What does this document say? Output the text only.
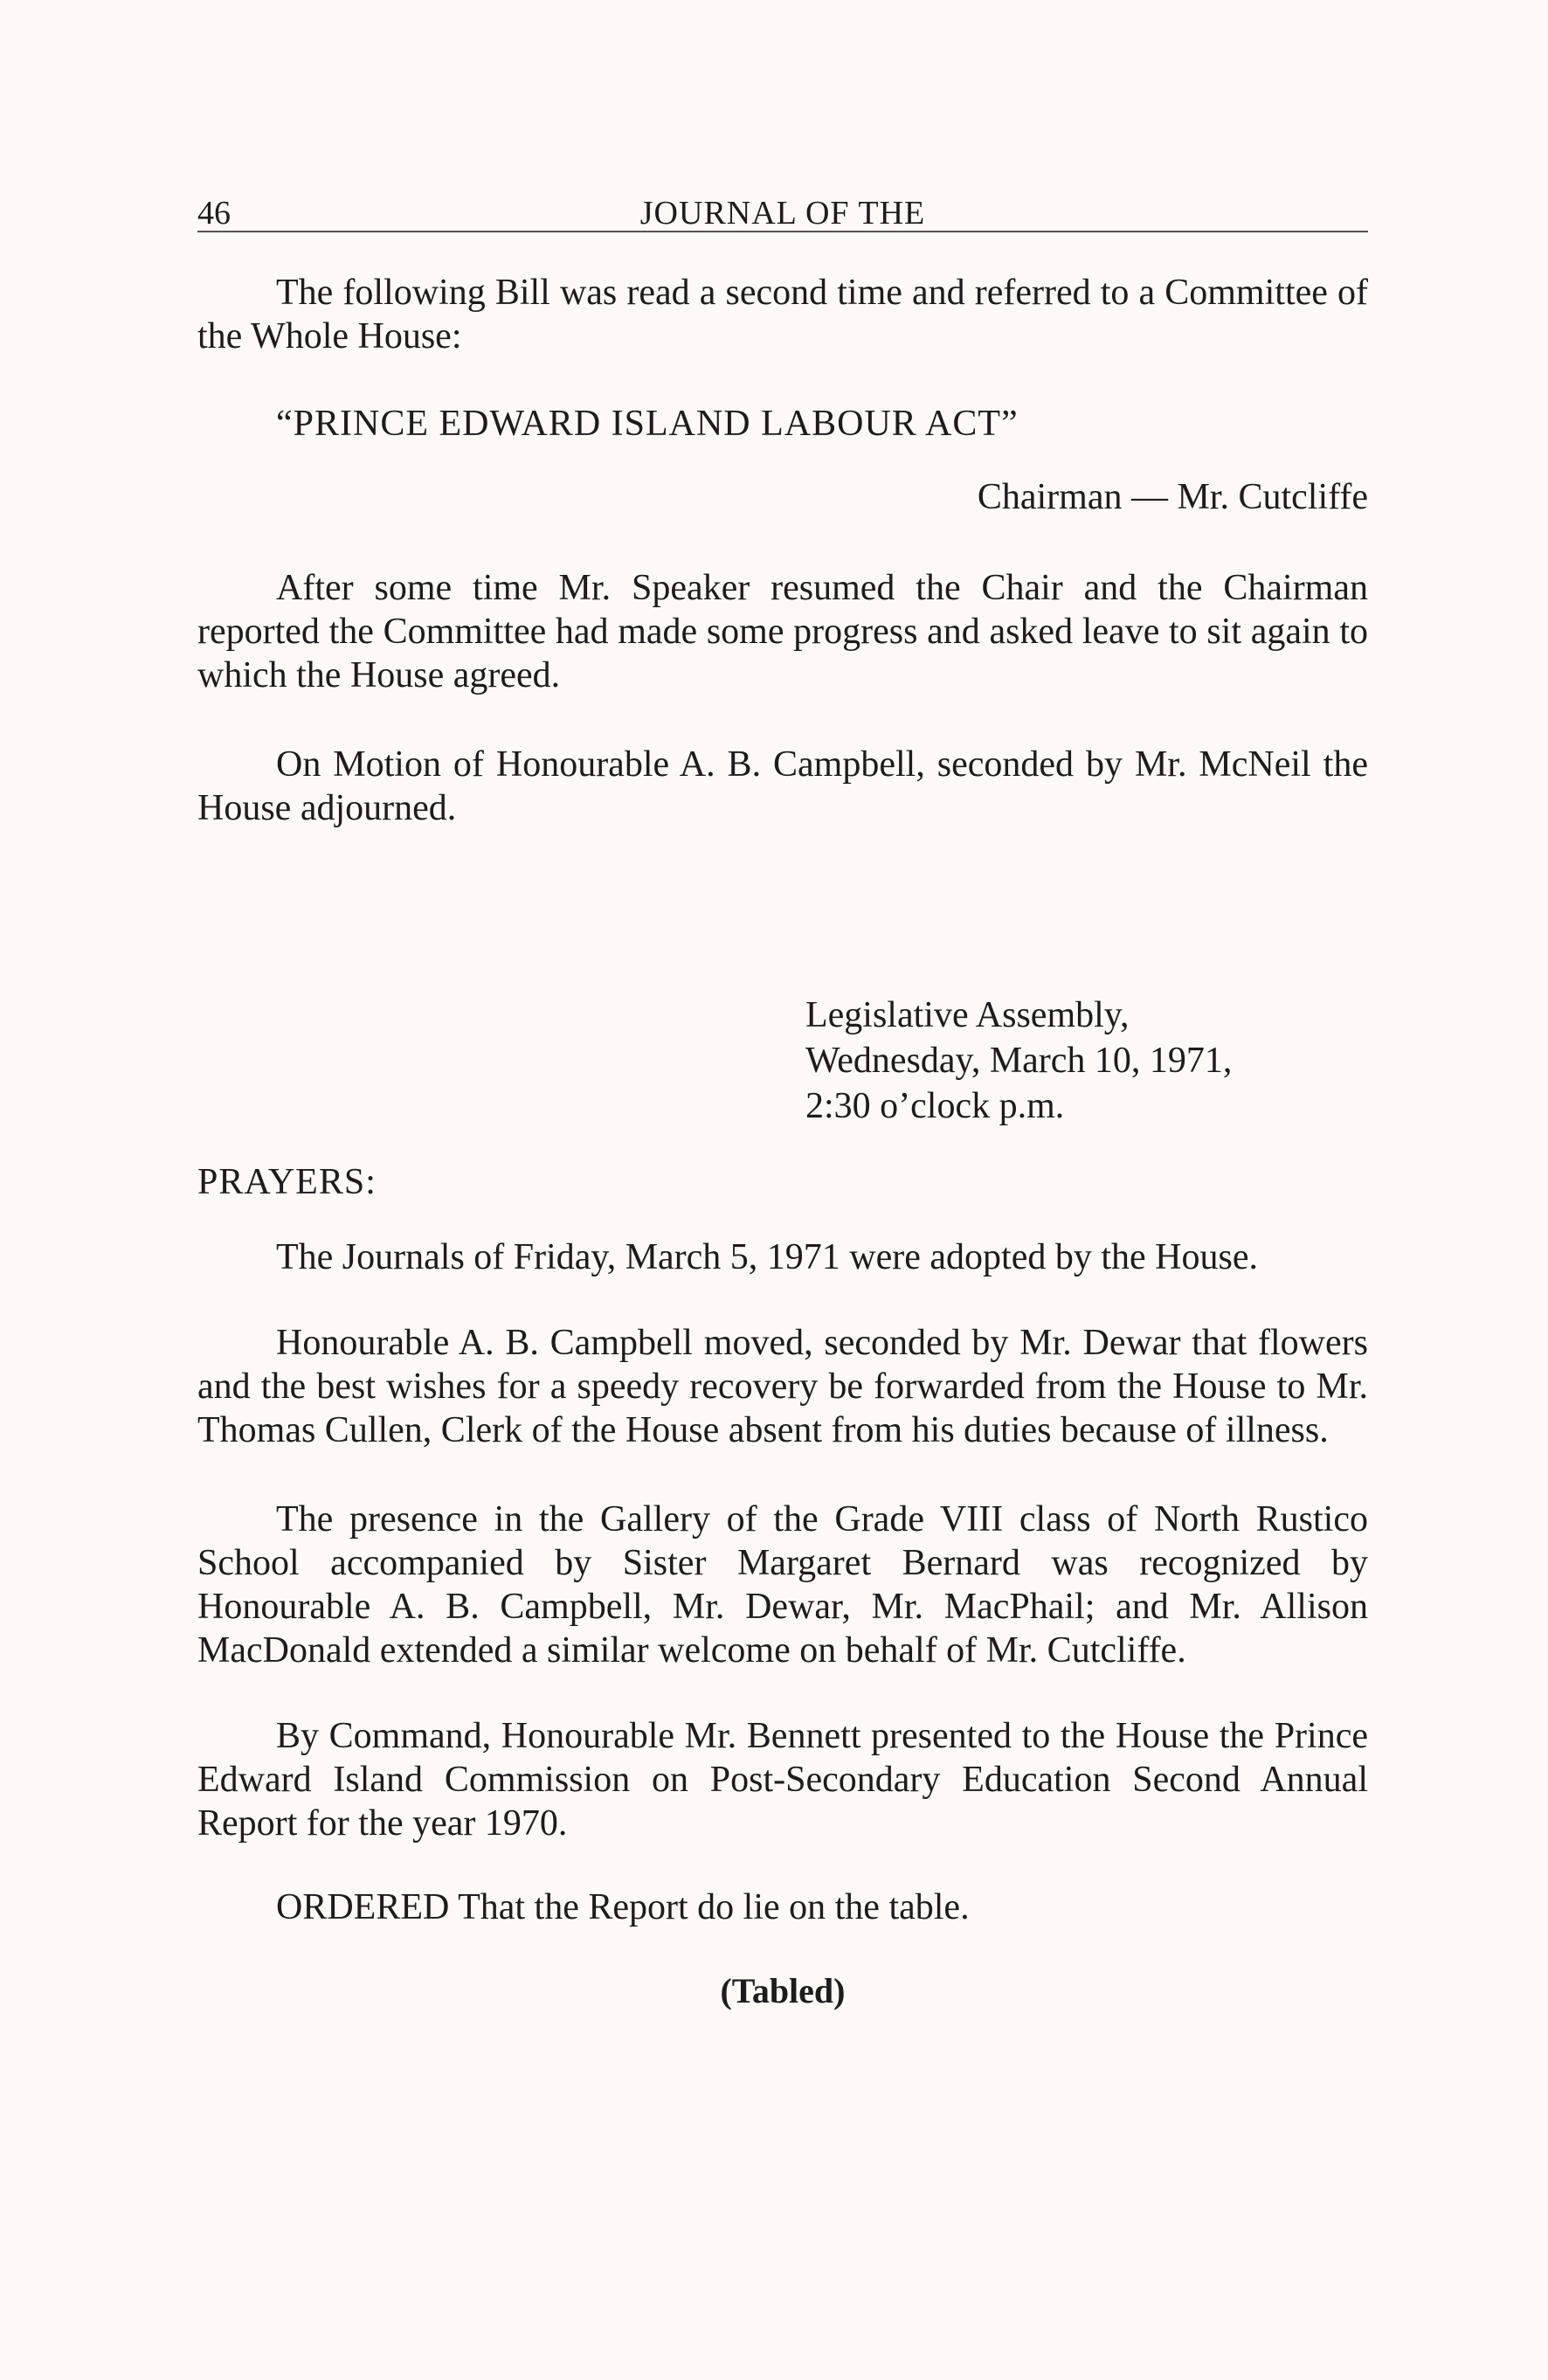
46	JOURNAL OF THE

The following Bill was read a second time and referred to a Committee of the Whole House:

“PRINCE EDWARD ISLAND LABOUR ACT”
Chairman — Mr. Cutcliffe

After some time Mr. Speaker resumed the Chair and the Chairman reported the Committee had made some progress and asked leave to sit again to which the House agreed.

On Motion of Honourable A. B. Campbell, seconded by Mr. McNeil the House adjourned.

Legislative Assembly,
Wednesday, March 10, 1971,
2:30 o’clock p.m.
PRAYERS:

The Journals of Friday, March 5, 1971 were adopted by the House.

Honourable A. B. Campbell moved, seconded by Mr. Dewar that flowers and the best wishes for a speedy recovery be forwarded from the House to Mr. Thomas Cullen, Clerk of the House absent from his duties because of illness.

The presence in the Gallery of the Grade VIII class of North Rustico School accompanied by Sister Margaret Bernard was recognized by Honourable A. B. Campbell, Mr. Dewar, Mr. MacPhail; and Mr. Allison MacDonald extended a similar welcome on behalf of Mr. Cutcliffe.

By Command, Honourable Mr. Bennett presented to the House the Prince Edward Island Commission on Post-Secondary Education Second Annual Report for the year 1970.

ORDERED That the Report do lie on the table.

(Tabled)
